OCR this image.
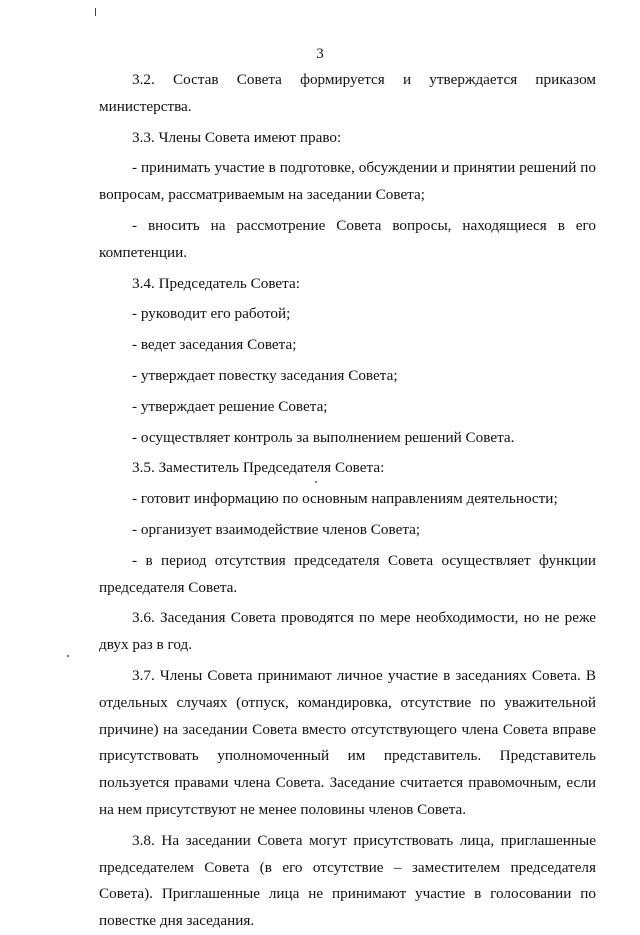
3

3.2. Состав Совета формируется и утверждается приказом министерства.

3.3. Члены Совета имеют право:

- принимать участие в подготовке, обсуждении и принятии решений по вопросам, рассматриваемым на заседании Совета;

- вносить на рассмотрение Совета вопросы, находящиеся в его компетенции.

3.4. Председатель Совета:

- руководит его работой;

- ведет заседания Совета;

- утверждает повестку заседания Совета;

- утверждает решение Совета;

- осуществляет контроль за выполнением решений Совета.

3.5. Заместитель Председателя Совета:

- готовит информацию по основным направлениям деятельности;

- организует взаимодействие членов Совета;

- в период отсутствия председателя Совета осуществляет функции председателя Совета.

3.6. Заседания Совета проводятся по мере необходимости, но не реже двух раз в год.

3.7. Члены Совета принимают личное участие в заседаниях Совета. В отдельных случаях (отпуск, командировка, отсутствие по уважительной причине) на заседании Совета вместо отсутствующего члена Совета вправе присутствовать уполномоченный им представитель. Представитель пользуется правами члена Совета. Заседание считается правомочным, если на нем присутствуют не менее половины членов Совета.

3.8. На заседании Совета могут присутствовать лица, приглашенные председателем Совета (в его отсутствие – заместителем председателя Совета). Приглашенные лица не принимают участие в голосовании по повестке дня заседания.
